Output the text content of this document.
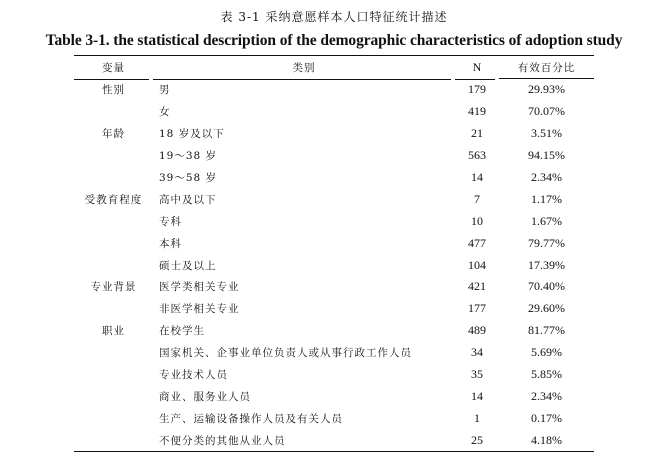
表 3-1 采纳意愿样本人口特征统计描述
Table 3-1. the statistical description of the demographic characteristics of adoption study
变量	类别	N	有效百分比
性别	男	179	29.93%
	女	419	70.07%
年龄	18 岁及以下	21	3.51%
	19～38 岁	563	94.15%
	39～58 岁	14	2.34%
受教育程度	高中及以下	7	1.17%
	专科	10	1.67%
	本科	477	79.77%
	硕士及以上	104	17.39%
专业背景	医学类相关专业	421	70.40%
	非医学相关专业	177	29.60%
职业	在校学生	489	81.77%
	国家机关、企事业单位负责人或从事行政工作人员	34	5.69%
	专业技术人员	35	5.85%
	商业、服务业人员	14	2.34%
	生产、运输设备操作人员及有关人员	1	0.17%
	不便分类的其他从业人员	25	4.18%
